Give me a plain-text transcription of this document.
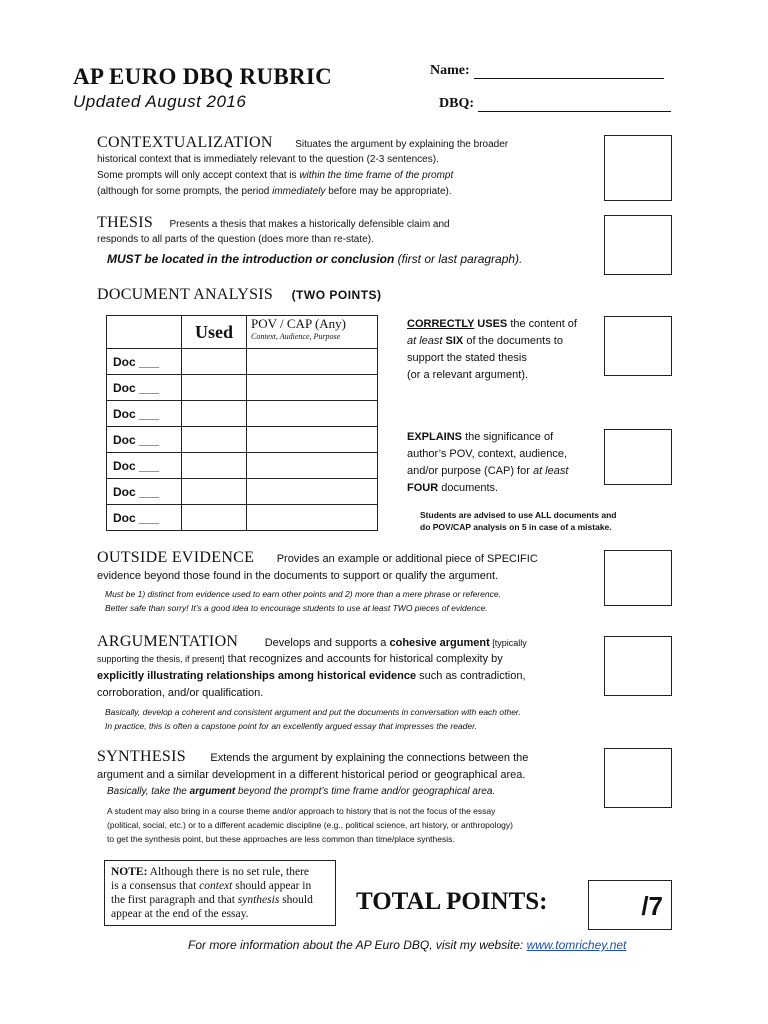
AP EURO DBQ RUBRIC
Updated August 2016
Name:
DBQ:
CONTEXTUALIZATION Situates the argument by explaining the broader
historical context that is immediately relevant to the question (2-3 sentences).
Some prompts will only accept context that is within the time frame of the prompt
(although for some prompts, the period immediately before may be appropriate).
THESIS Presents a thesis that makes a historically defensible claim and
responds to all parts of the question (does more than re-state).
MUST be located in the introduction or conclusion (first or last paragraph).
DOCUMENT ANALYSIS (TWO POINTS)
	Used	POV / CAP (Any)
Context, Audience, Purpose

Doc ___		
Doc ___		
Doc ___		
Doc ___		
Doc ___		
Doc ___		
Doc ___		
CORRECTLY USES the content of
at least SIX of the documents to
support the stated thesis
(or a relevant argument).
EXPLAINS the significance of
author’s POV, context, audience,
and/or purpose (CAP) for at least
FOUR documents.
Students are advised to use ALL documents and
do POV/CAP analysis on 5 in case of a mistake.
OUTSIDE EVIDENCE Provides an example or additional piece of SPECIFIC
evidence beyond those found in the documents to support or qualify the argument.
Must be 1) distinct from evidence used to earn other points and 2) more than a mere phrase or reference.
Better safe than sorry! It’s a good idea to encourage students to use at least TWO pieces of evidence.
ARGUMENTATION Develops and supports a cohesive argument [typically
supporting the thesis, if present] that recognizes and accounts for historical complexity by
explicitly illustrating relationships among historical evidence such as contradiction,
corroboration, and/or qualification.
Basically, develop a coherent and consistent argument and put the documents in conversation with each other.
In practice, this is often a capstone point for an excellently argued essay that impresses the reader.
SYNTHESIS Extends the argument by explaining the connections between the
argument and a similar development in a different historical period or geographical area.
Basically, take the argument beyond the prompt’s time frame and/or geographical area.
A student may also bring in a course theme and/or approach to history that is not the focus of the essay
(political, social, etc.) or to a different academic discipline (e.g., political science, art history, or anthropology)
to get the synthesis point, but these approaches are less common than time/place synthesis.
NOTE: Although there is no set rule, there
is a consensus that context should appear in
the first paragraph and that synthesis should
appear at the end of the essay.	TOTAL POINTS:	/7
For more information about the AP Euro DBQ, visit my website: www.tomrichey.net
